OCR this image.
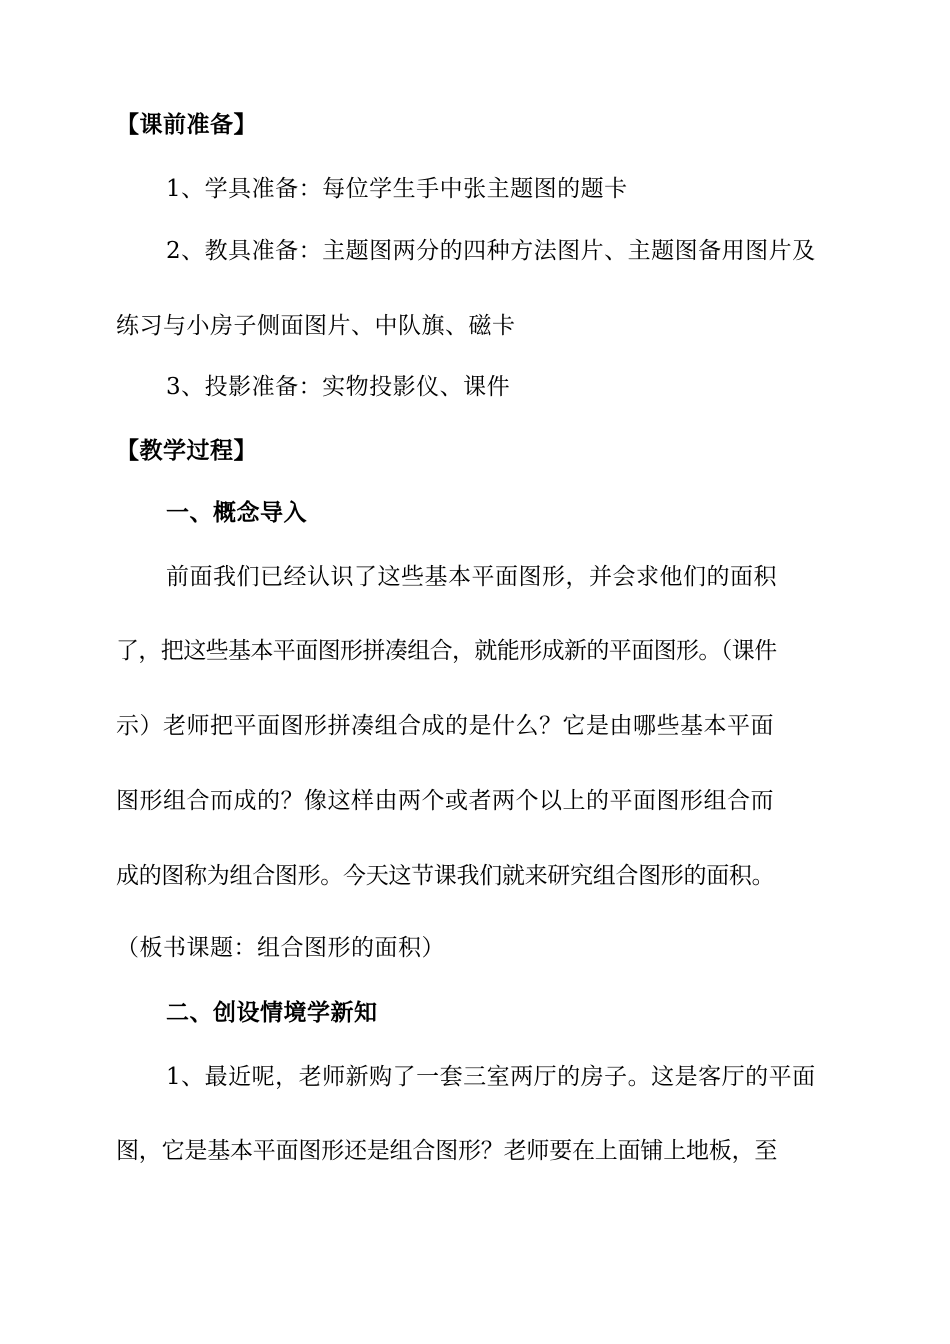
【课前准备】
1、学具准备：每位学生手中张主题图的题卡
2、教具准备：主题图两分的四种方法图片、主题图备用图片及
练习与小房子侧面图片、中队旗、磁卡
3、投影准备：实物投影仪、课件
【教学过程】
一、概念导入
前面我们已经认识了这些基本平面图形，并会求他们的面积
了，把这些基本平面图形拼凑组合，就能形成新的平面图形。（课件
示）老师把平面图形拼凑组合成的是什么？它是由哪些基本平面
图形组合而成的？像这样由两个或者两个以上的平面图形组合而
成的图称为组合图形。今天这节课我们就来研究组合图形的面积。
（板书课题：组合图形的面积）
二、创设情境学新知
1、最近呢，老师新购了一套三室两厅的房子。这是客厅的平面
图，它是基本平面图形还是组合图形？老师要在上面铺上地板，至
